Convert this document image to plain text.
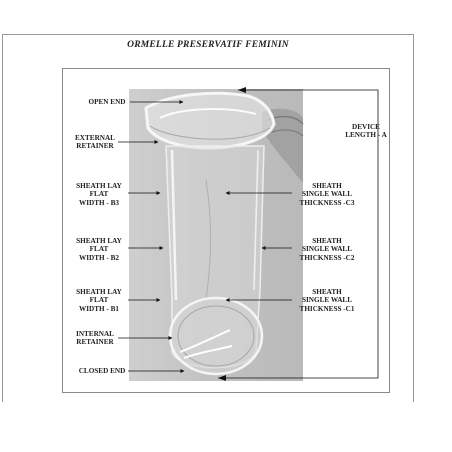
ORMELLE PRESERVATIF FEMININ
OPEN END
EXTERNAL
RETAINER
SHEATH LAY
FLAT
WIDTH - B3
SHEATH LAY
FLAT
WIDTH - B2
SHEATH LAY
FLAT
WIDTH - B1
INTERNAL
RETAINER
CLOSED END
DEVICE
LENGTH - A
SHEATH
SINGLE WALL
THICKNESS -C3
SHEATH
SINGLE WALL
THICKNESS -C2
SHEATH
SINGLE WALL
THICKNESS -C1
